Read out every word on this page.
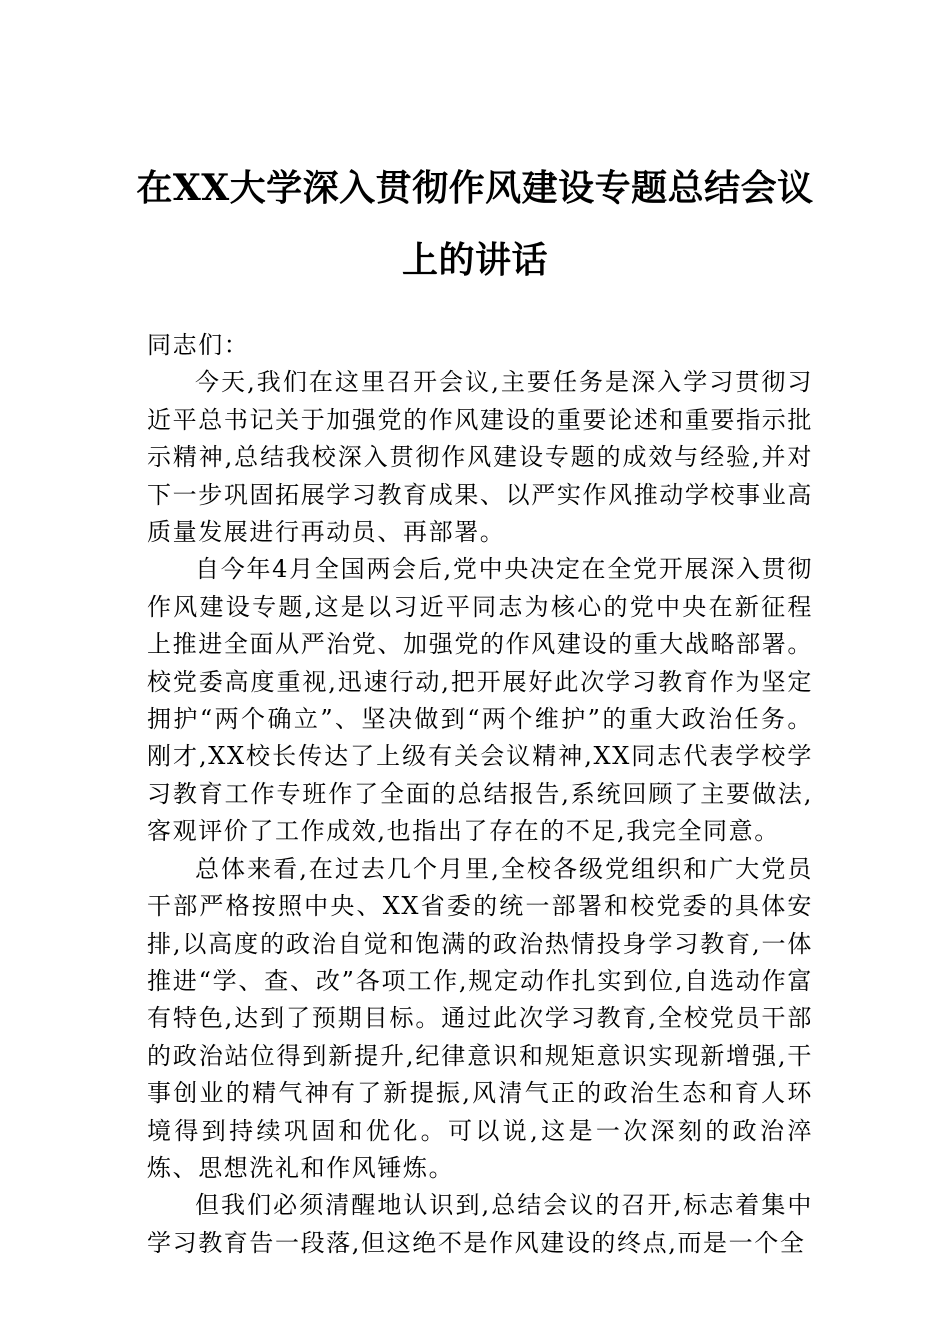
在XX大学深入贯彻作风建设专题总结会议
上的讲话

同志们：

今天,我们在这里召开会议,主要任务是深入学习贯彻习近平总书记关于加强党的作风建设的重要论述和重要指示批示精神,总结我校深入贯彻作风建设专题的成效与经验,并对下一步巩固拓展学习教育成果、以严实作风推动学校事业高质量发展进行再动员、再部署。

自今年4月全国两会后,党中央决定在全党开展深入贯彻作风建设专题,这是以习近平同志为核心的党中央在新征程上推进全面从严治党、加强党的作风建设的重大战略部署。校党委高度重视,迅速行动,把开展好此次学习教育作为坚定拥护“两个确立”、坚决做到“两个维护”的重大政治任务。刚才,XX校长传达了上级有关会议精神,XX同志代表学校学习教育工作专班作了全面的总结报告,系统回顾了主要做法,客观评价了工作成效,也指出了存在的不足,我完全同意。

总体来看,在过去几个月里,全校各级党组织和广大党员干部严格按照中央、XX省委的统一部署和校党委的具体安排,以高度的政治自觉和饱满的政治热情投身学习教育,一体推进“学、查、改”各项工作,规定动作扎实到位,自选动作富有特色,达到了预期目标。通过此次学习教育,全校党员干部的政治站位得到新提升,纪律意识和规矩意识实现新增强,干事创业的精气神有了新提振,风清气正的政治生态和育人环境得到持续巩固和优化。可以说,这是一次深刻的政治淬炼、思想洗礼和作风锤炼。

但我们必须清醒地认识到,总结会议的召开,标志着集中学习教育告一段落,但这绝不是作风建设的终点,而是一个全
